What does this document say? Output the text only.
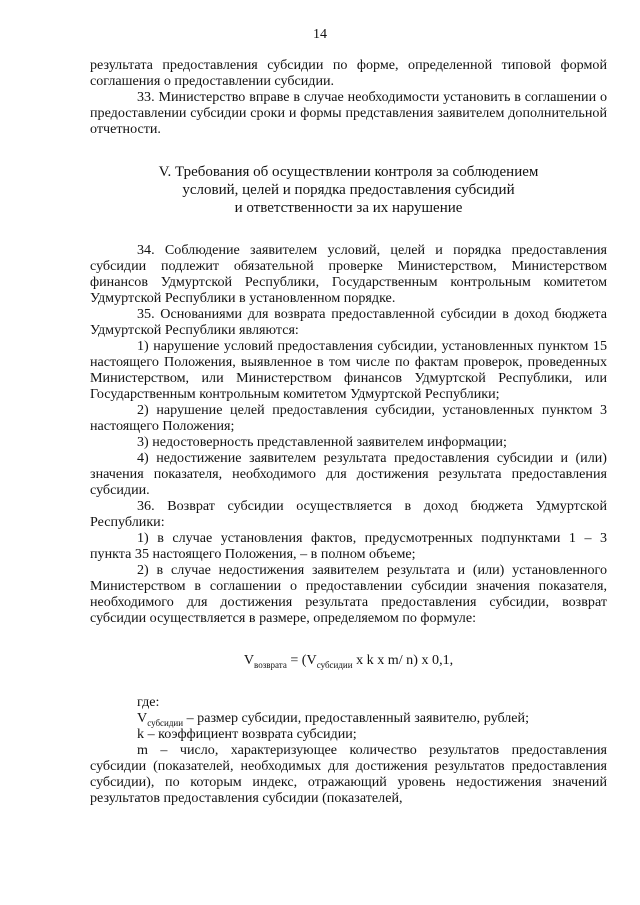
14

результата предоставления субсидии по форме, определенной типовой формой соглашения о предоставлении субсидии.

33. Министерство вправе в случае необходимости установить в соглашении о предоставлении субсидии сроки и формы представления заявителем дополнительной отчетности.

V. Требования об осуществлении контроля за соблюдением
условий, целей и порядка предоставления субсидий
и ответственности за их нарушение

34. Соблюдение заявителем условий, целей и порядка предоставления субсидии подлежит обязательной проверке Министерством, Министерством финансов Удмуртской Республики, Государственным контрольным комитетом Удмуртской Республики в установленном порядке.

35. Основаниями для возврата предоставленной субсидии в доход бюджета Удмуртской Республики являются:

1) нарушение условий предоставления субсидии, установленных пунктом 15 настоящего Положения, выявленное в том числе по фактам проверок, проведенных Министерством, или Министерством финансов Удмуртской Республики, или Государственным контрольным комитетом Удмуртской Республики;

2) нарушение целей предоставления субсидии, установленных пунктом 3 настоящего Положения;

3) недостоверность представленной заявителем информации;

4) недостижение заявителем результата предоставления субсидии и (или) значения показателя, необходимого для достижения результата предоставления субсидии.

36. Возврат субсидии осуществляется в доход бюджета Удмуртской Республики:

1) в случае установления фактов, предусмотренных подпунктами 1 – 3 пункта 35 настоящего Положения, – в полном объеме;

2) в случае недостижения заявителем результата и (или) установленного Министерством в соглашении о предоставлении субсидии значения показателя, необходимого для достижения результата предоставления субсидии, возврат субсидии осуществляется в размере, определяемом по формуле:

$V_{возврата} = (V_{субсидии}$ x k x m/ n) x 0,1,

где:

$V_{субсидии}$ – размер субсидии, предоставленный заявителю, рублей;

k – коэффициент возврата субсидии;

m – число, характеризующее количество результатов предоставления субсидии (показателей, необходимых для достижения результатов предоставления субсидии), по которым индекс, отражающий уровень недостижения значений результатов предоставления субсидии (показателей,
